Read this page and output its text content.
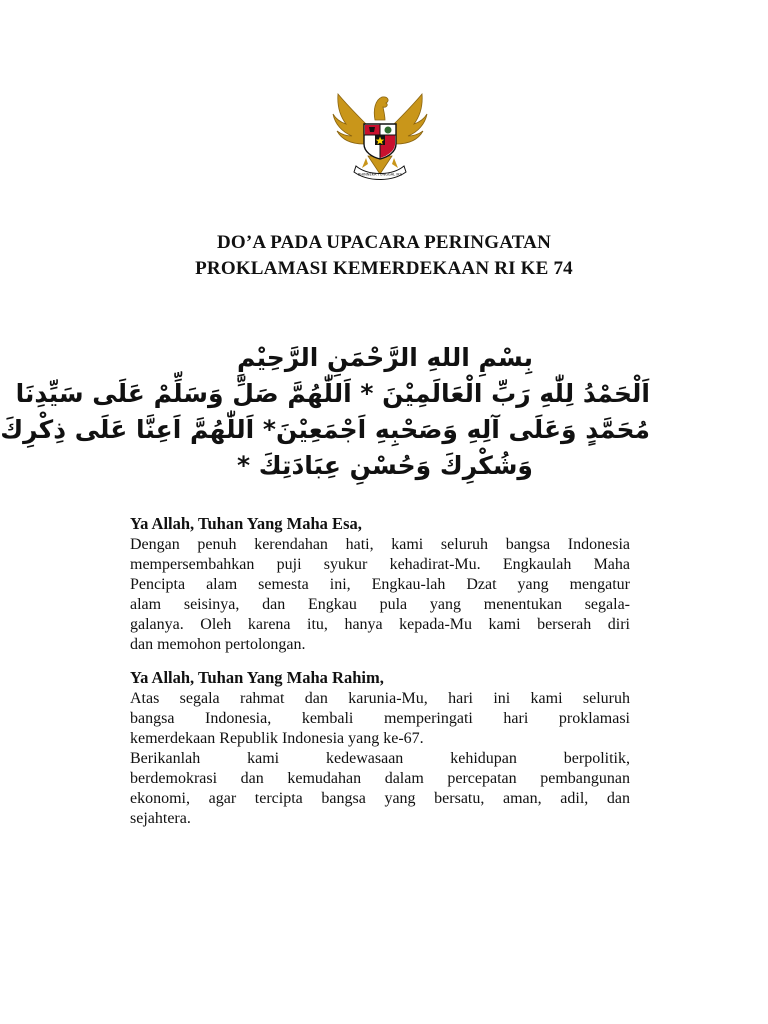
BHINNEKA TUNGGAL IKA
DO’A PADA UPACARA PERINGATAN
PROKLAMASI KEMERDEKAAN RI KE 74
بِسْمِ اللهِ الرَّحْمَنِ الرَّحِيْمِ
اَلْحَمْدُ لِلّٰهِ رَبِّ الْعَالَمِيْنَ * اَللّٰهُمَّ صَلِّ وَسَلِّمْ عَلَى سَيِّدِنَا
مُحَمَّدٍ وَعَلَى آلِهِ وَصَحْبِهِ اَجْمَعِيْنَ* اَللّٰهُمَّ اَعِنَّا عَلَى ذِكْرِكَ
وَشُكْرِكَ وَحُسْنِ عِبَادَتِكَ *
Ya Allah, Tuhan Yang Maha Esa,
Dengan penuh kerendahan hati, kami seluruh bangsa Indonesia
mempersembahkan puji syukur kehadirat-Mu. Engkaulah Maha
Pencipta alam semesta ini, Engkau-lah Dzat yang mengatur
alam seisinya, dan Engkau pula yang menentukan segala-
galanya. Oleh karena itu, hanya kepada-Mu kami berserah diri
dan memohon pertolongan.
Ya Allah, Tuhan Yang Maha Rahim,
Atas segala rahmat dan karunia-Mu, hari ini kami seluruh
bangsa Indonesia, kembali memperingati hari proklamasi
kemerdekaan Republik Indonesia yang ke-67.
Berikanlah kami kedewasaan kehidupan berpolitik,
berdemokrasi dan kemudahan dalam percepatan pembangunan
ekonomi, agar tercipta bangsa yang bersatu, aman, adil, dan
sejahtera.
